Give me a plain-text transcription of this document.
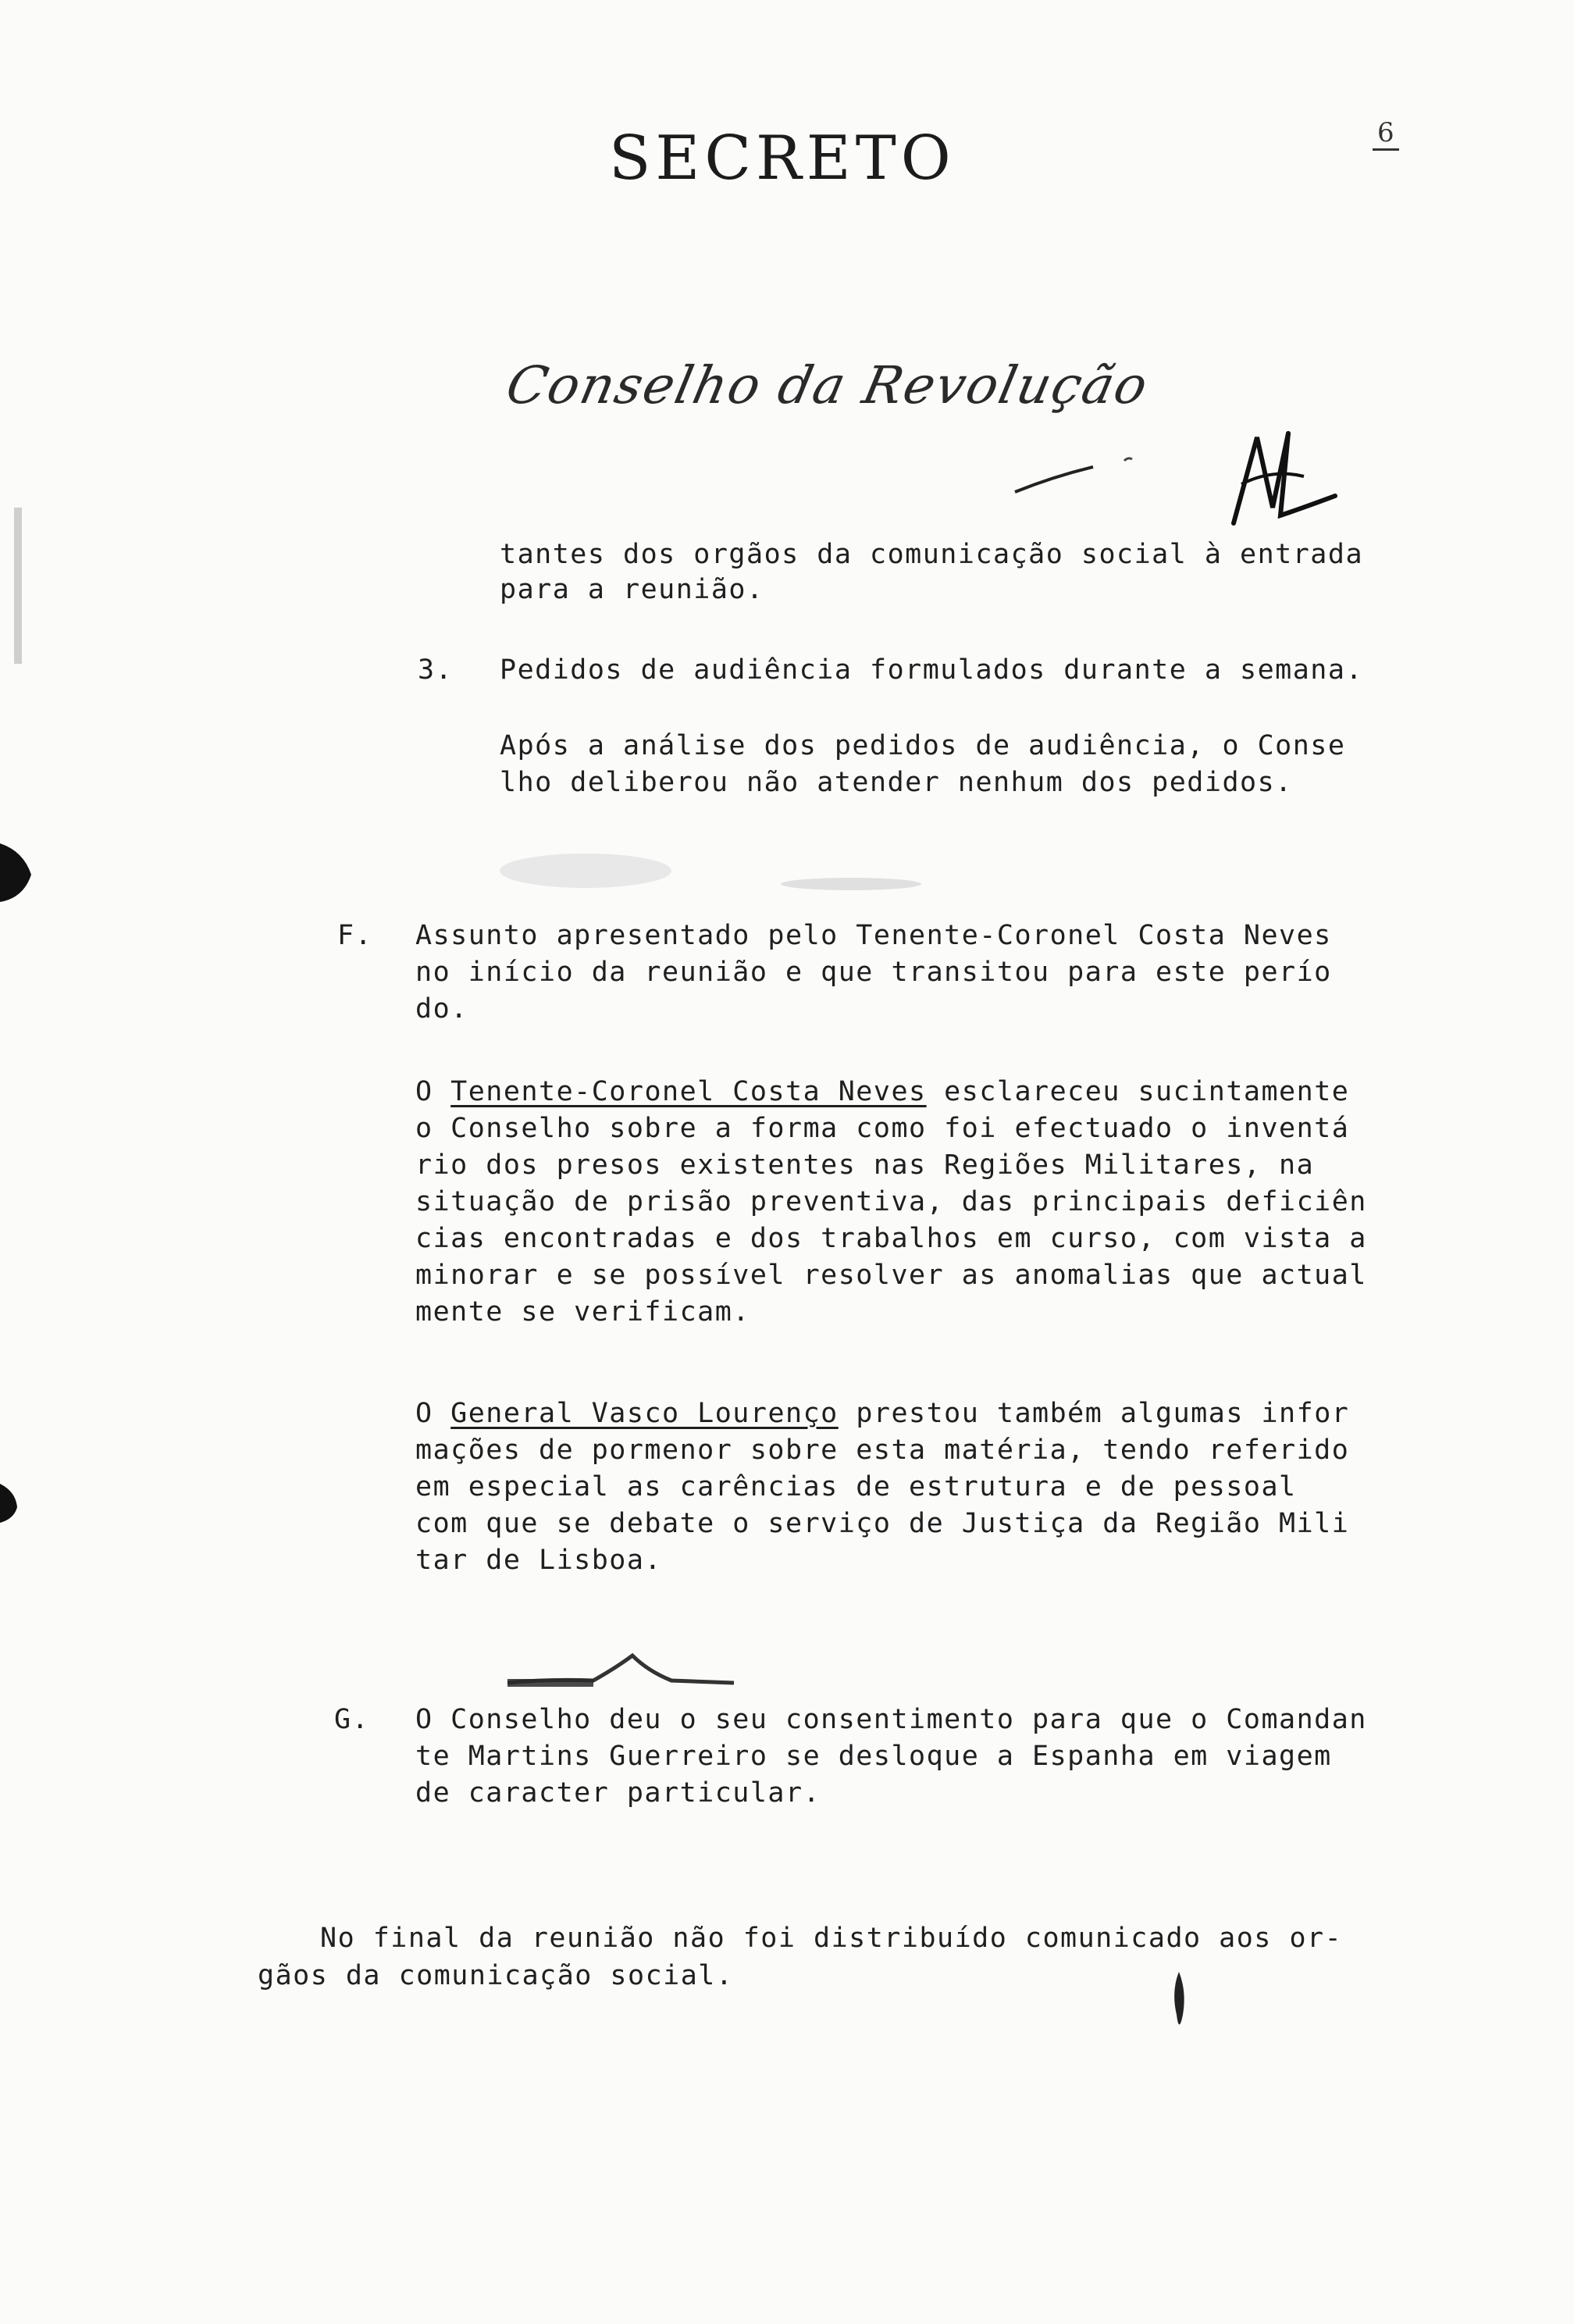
SECRETO	6
Conselho da Revolução
tantes dos orgãos da comunicação social à entrada
para a reunião.
3. Pedidos de audiência formulados durante a semana.
Após a análise dos pedidos de audiência, o Conse
lho deliberou não atender nenhum dos pedidos.
F. Assunto apresentado pelo Tenente-Coronel Costa Neves
no início da reunião e que transitou para este perío
do.
O Tenente-Coronel Costa Neves esclareceu sucintamente
o Conselho sobre a forma como foi efectuado o inventá
rio dos presos existentes nas Regiões Militares, na
situação de prisão preventiva, das principais deficiên
cias encontradas e dos trabalhos em curso, com vista a
minorar e se possível resolver as anomalias que actual
mente se verificam.
O General Vasco Lourenço prestou também algumas infor
mações de pormenor sobre esta matéria, tendo referido
em especial as carências de estrutura e de pessoal
com que se debate o serviço de Justiça da Região Mili
tar de Lisboa.
G. O Conselho deu o seu consentimento para que o Comandan
te Martins Guerreiro se desloque a Espanha em viagem
de caracter particular.
No final da reunião não foi distribuído comunicado aos or-
gãos da comunicação social.
